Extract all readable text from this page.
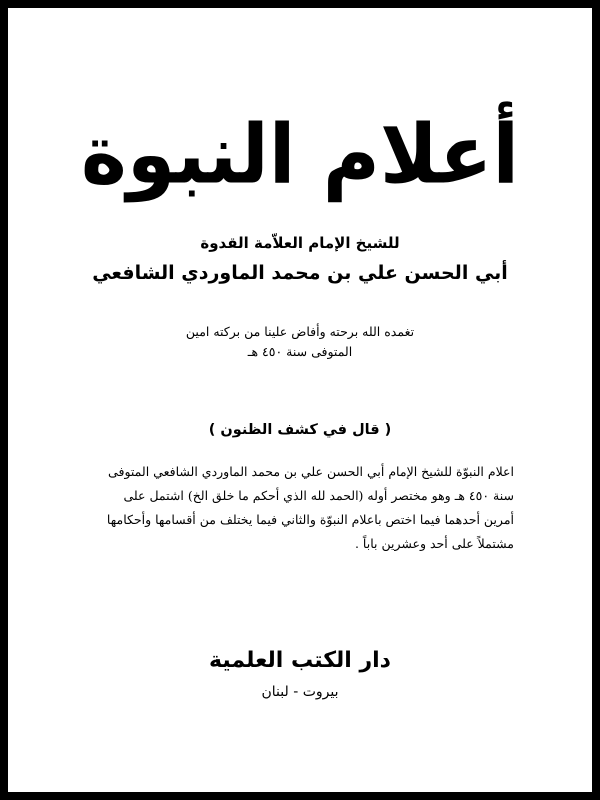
أعلام النبوة
للشيخ الإمام العلاّمة القدوة
أبي الحسن علي بن محمد الماوردي الشافعي
تغمده الله برحته وأفاض علينا من بركته امين
المتوفى سنة ٤٥٠ هـ
( قال في كشف الظنون )
اعلام النبوّة للشيخ الإمام أبي الحسن علي بن محمد الماوردي الشافعي المتوفى
سنة ٤٥٠ هـ وهو مختصر أوله (الحمد لله الذي أحكم ما خلق الخ) اشتمل على
أمرين أحدهما فيما اختص باعلام النبوّة والثاني فيما يختلف من أقسامها وأحكامها
مشتملاً على أحد وعشرين باباً .
دار الكتب العلمية
بيروت - لبنان
